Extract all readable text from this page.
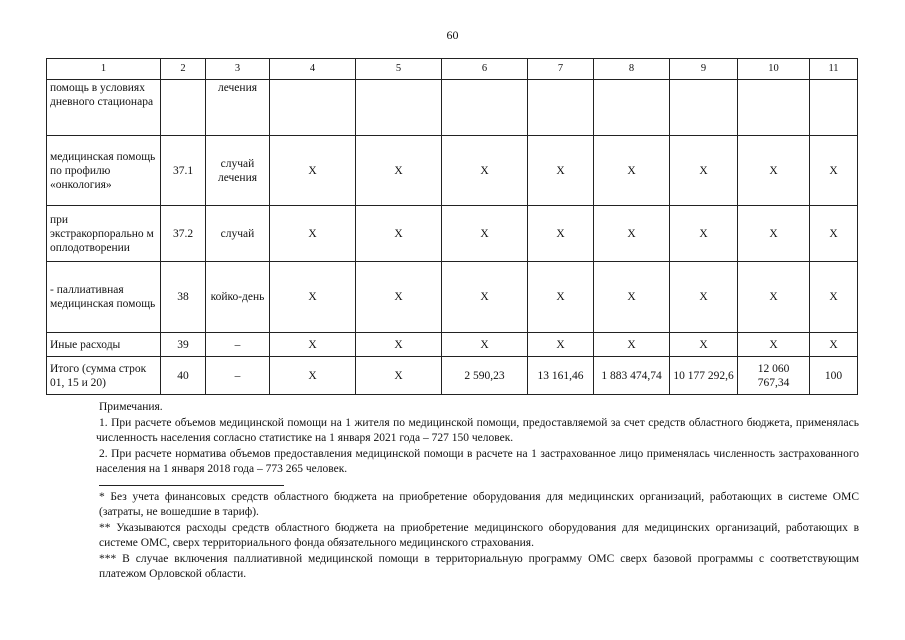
60
1	2	3	4	5	6	7	8	9	10	11
помощь в условиях дневного стационара		лечения								
медицинская помощь по профилю «онкология»	37.1	случай лечения	Х	Х	Х	Х	Х	Х	Х	Х
при экстракорпорально м оплодотворении	37.2	случай	Х	Х	Х	Х	Х	Х	Х	Х
- паллиативная медицинская помощь	38	койко-день	Х	Х	Х	Х	Х	Х	Х	Х
Иные расходы	39	–	Х	Х	Х	Х	Х	Х	Х	Х
Итого (сумма строк 01, 15 и 20)	40	–	Х	Х	2 590,23	13 161,46	1 883 474,74	10 177 292,6	12 060 767,34	100

Примечания.

1. При расчете объемов медицинской помощи на 1 жителя по медицинской помощи, предоставляемой за счет средств областного бюджета, применялась численность населения согласно статистике на 1 января 2021 года – 727 150 человек.

2. При расчете норматива объемов предоставления медицинской помощи в расчете на 1 застрахованное лицо применялась численность застрахованного населения на 1 января 2018 года – 773 265 человек.

* Без учета финансовых средств областного бюджета на приобретение оборудования для медицинских организаций, работающих в системе ОМС (затраты, не вошедшие в тариф).

** Указываются расходы средств областного бюджета на приобретение медицинского оборудования для медицинских организаций, работающих в системе ОМС, сверх территориального фонда обязательного медицинского страхования.

*** В случае включения паллиативной медицинской помощи в территориальную программу ОМС сверх базовой программы с соответствующим платежом Орловской области.
